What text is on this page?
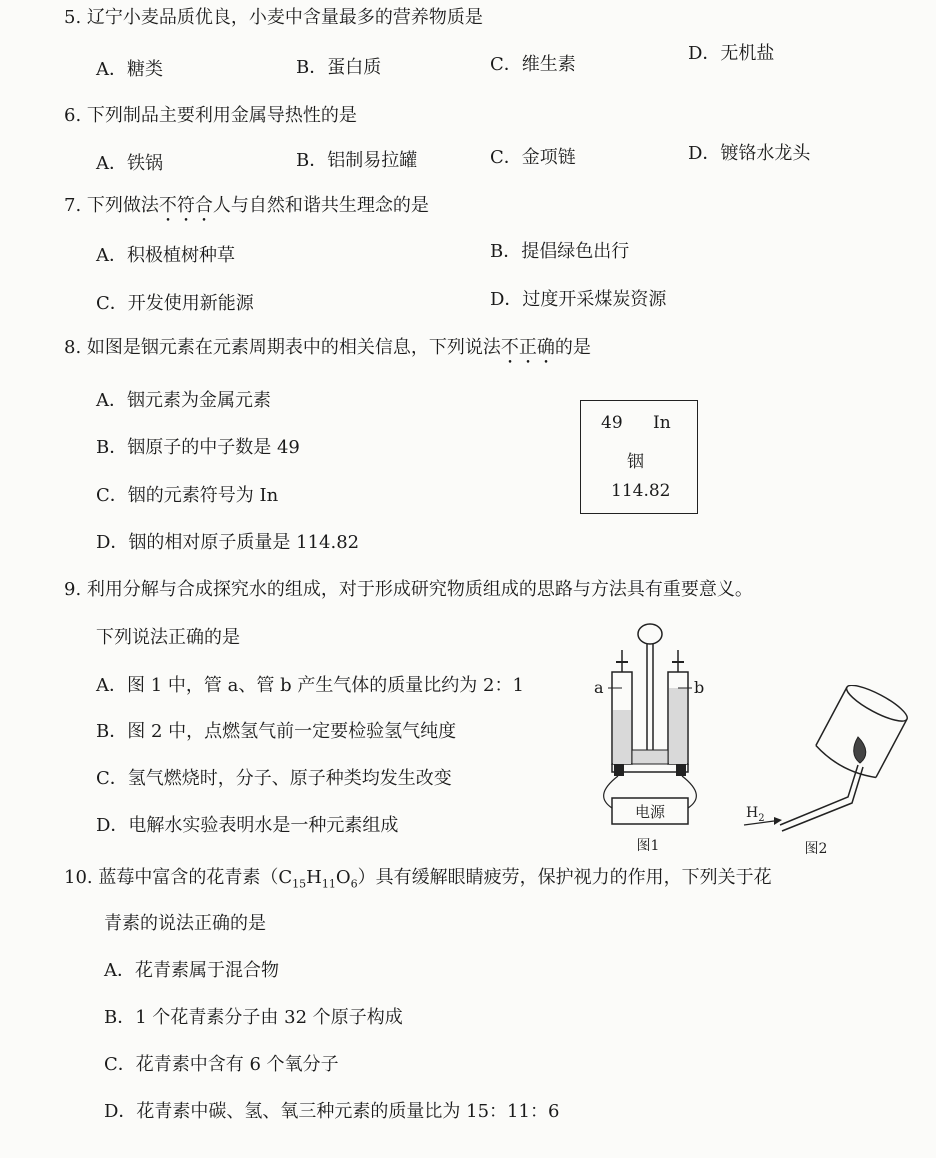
5. 辽宁小麦品质优良，小麦中含量最多的营养物质是
A．糖类	B．蛋白质	C．维生素
D．无机盐
6. 下列制品主要利用金属导热性的是
A．铁锅	B．铝制易拉罐	C．金项链	D．镀铬水龙头
7. 下列做法不符合人与自然和谐共生理念的是
A．积极植树种草	B．提倡绿色出行
C．开发使用新能源	D．过度开采煤炭资源
8. 如图是铟元素在元素周期表中的相关信息，下列说法不正确的是
A．铟元素为金属元素
B．铟原子的中子数是 49
C．铟的元素符号为 In
D．铟的相对原子质量是 114.82
49 In
铟
114.82
9. 利用分解与合成探究水的组成，对于形成研究物质组成的思路与方法具有重要意义。
下列说法正确的是
A．图 1 中，管 a、管 b 产生气体的质量比约为 2：1
B．图 2 中，点燃氢气前一定要检验氢气纯度
C．氢气燃烧时，分子、原子种类均发生改变
D．电解水实验表明水是一种元素组成
电源
图1
a	b
$H_2$
图2
10. 蓝莓中富含的花青素$(C_{15}H_{11}O_6)$具有缓解眼睛疲劳，保护视力的作用，下列关于花
青素的说法正确的是
A．花青素属于混合物
B．1 个花青素分子由 32 个原子构成
C．花青素中含有 6 个氧分子
D．花青素中碳、氢、氧三种元素的质量比为 15：11：6
